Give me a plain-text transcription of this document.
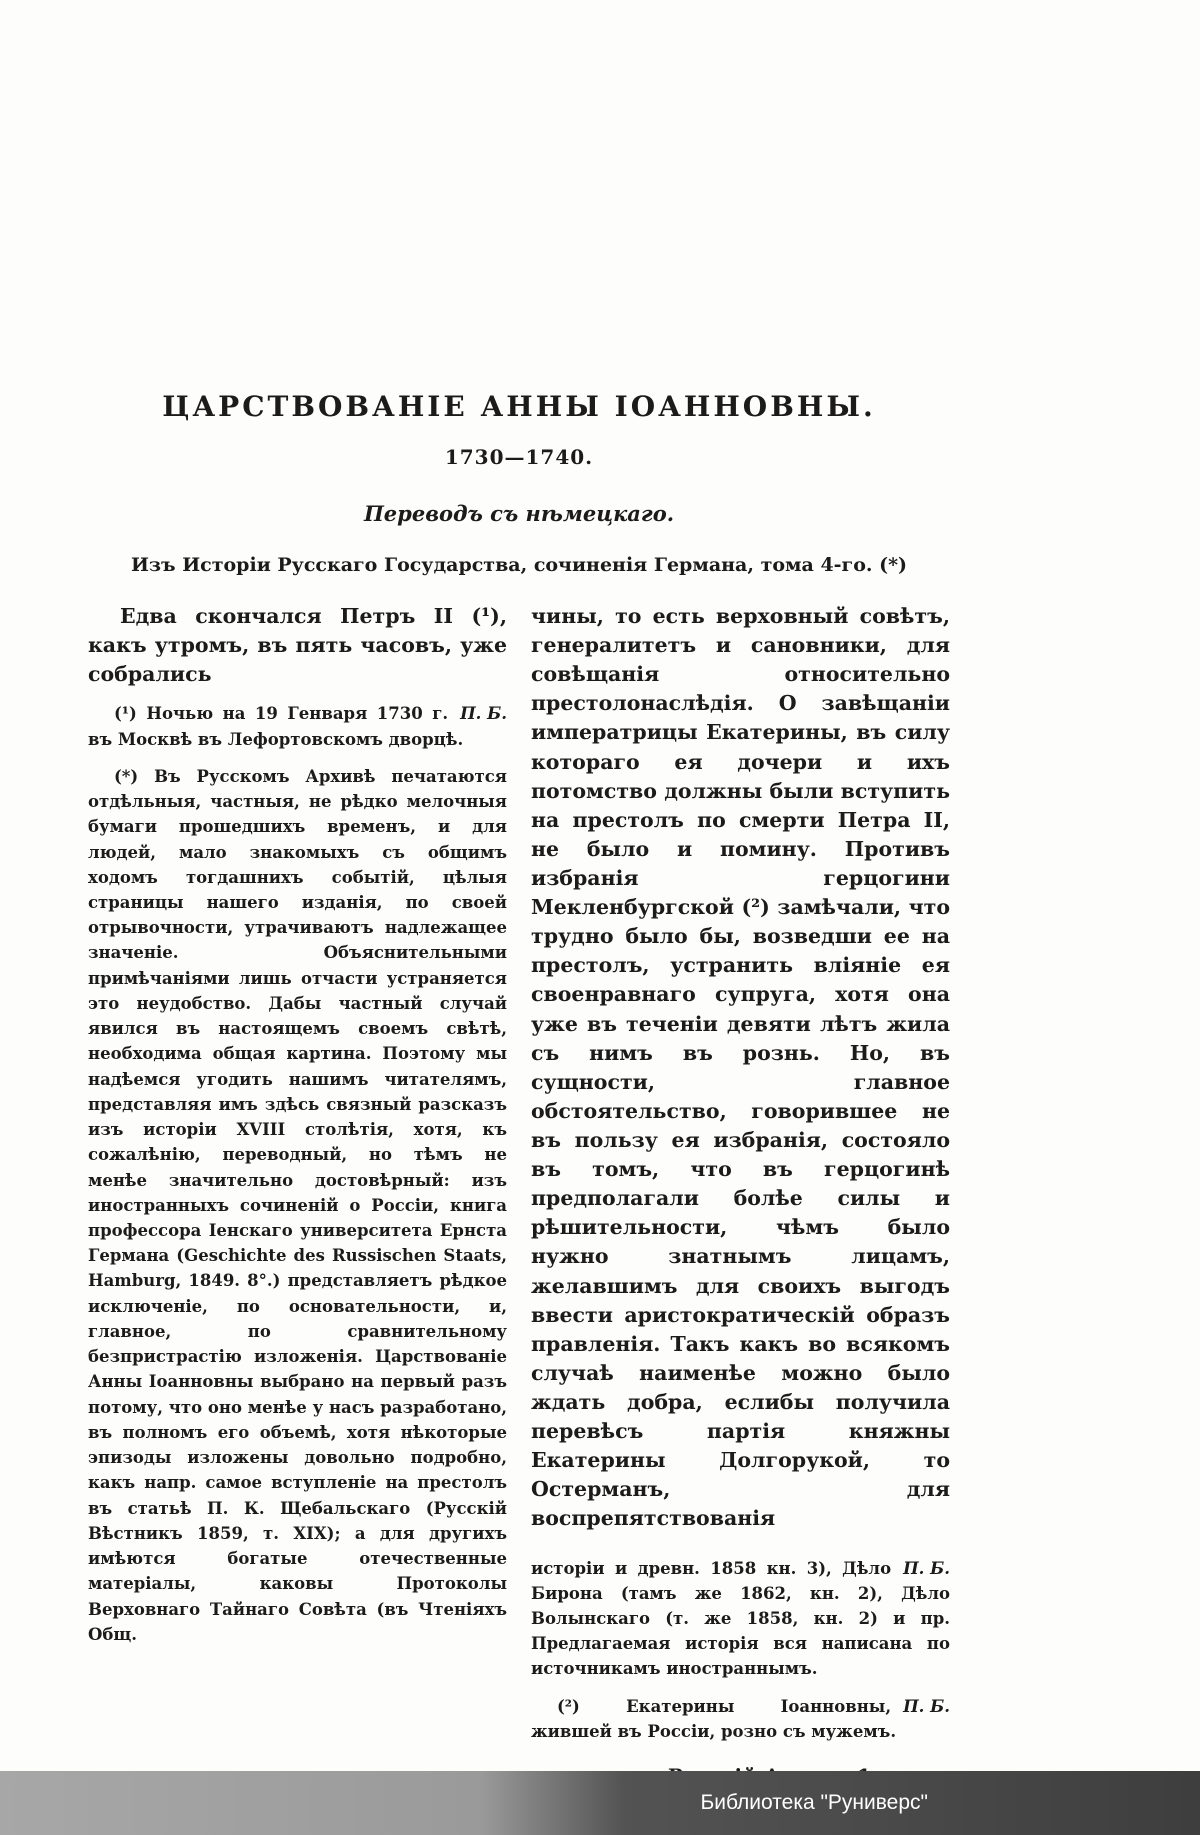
ЦАРСТВОВАНІЕ АННЫ ІОАННОВНЫ.
1730—1740.
Переводъ съ нѣмецкаго.
Изъ Исторіи Русскаго Государства, сочиненія Германа, тома 4-го. (*)

Едва скончался Петръ II (¹), какъ утромъ, въ пять часовъ, уже собрались

П. Б.
(¹) Ночью на 19 Генваря 1730 г. въ Москвѣ въ Лефортовскомъ дворцѣ.

(*) Въ Русскомъ Архивѣ печатаются отдѣльныя, частныя, не рѣдко мелочныя бумаги прошедшихъ временъ, и для людей, мало знакомыхъ съ общимъ ходомъ тогдашнихъ событій, цѣлыя страницы нашего изданія, по своей отрывочности, утрачиваютъ надлежащее значеніе. Объяснительными примѣчаніями лишь отчасти устраняется это неудобство. Дабы частный случай явился въ настоящемъ своемъ свѣтѣ, необходима общая картина. Поэтому мы надѣемся угодить нашимъ читателямъ, представляя имъ здѣсь связный разсказъ изъ исторіи XVIII столѣтія, хотя, къ сожалѣнію, переводный, но тѣмъ не менѣе значительно достовѣрный: изъ иностранныхъ сочиненій о Россіи, книга профессора Іенскаго университета Ернста Германа (Geschichte des Russischen Staats, Hamburg, 1849. 8°.) представляетъ рѣдкое исключеніе, по основательности, и, главное, по сравнительному безпристрастію изложенія. Царствованіе Анны Іоанновны выбрано на первый разъ потому, что оно менѣе у насъ разработано, въ полномъ его объемѣ, хотя нѣкоторые эпизоды изложены довольно подробно, какъ напр. самое вступленіе на престолъ въ статьѣ П. К. Щебальскаго (Русскій Вѣстникъ 1859, т. XIX); а для другихъ имѣются богатые отечественные матеріалы, каковы Протоколы Верховнаго Тайнаго Совѣта (въ Чтеніяхъ Общ.

чины, то есть верховный совѣтъ, генералитетъ и сановники, для совѣщанія относительно престолонаслѣдія. О завѣщаніи императрицы Екатерины, въ силу котораго ея дочери и ихъ потомство должны были вступить на престолъ по смерти Петра II, не было и помину. Противъ избранія герцогини Мекленбургской (²) замѣчали, что трудно было бы, возведши ее на престолъ, устранить вліяніе ея своенравнаго супруга, хотя она уже въ теченіи девяти лѣтъ жила съ нимъ въ рознь. Но, въ сущности, главное обстоятельство, говорившее не въ пользу ея избранія, состояло въ томъ, что въ герцогинѣ предполагали болѣе силы и рѣшительности, чѣмъ было нужно знатнымъ лицамъ, желавшимъ для своихъ выгодъ ввести аристократическій образъ правленія. Такъ какъ во всякомъ случаѣ наименѣе можно было ждать добра, еслибы получила перевѣсъ партія княжны Екатерины Долгорукой, то Остерманъ, для воспрепятствованія

П. Б.
исторіи и древн. 1858 кн. 3), Дѣло Бирона (тамъ же 1862, кн. 2), Дѣло Волынскаго (т. же 1858, кн. 2) и пр. Предлагаемая исторія вся написана по источникамъ иностраннымъ.

П. Б.
(²) Екатерины Іоанновны, жившей въ Россіи, розно съ мужемъ.

Библиотека "Руниверс"
